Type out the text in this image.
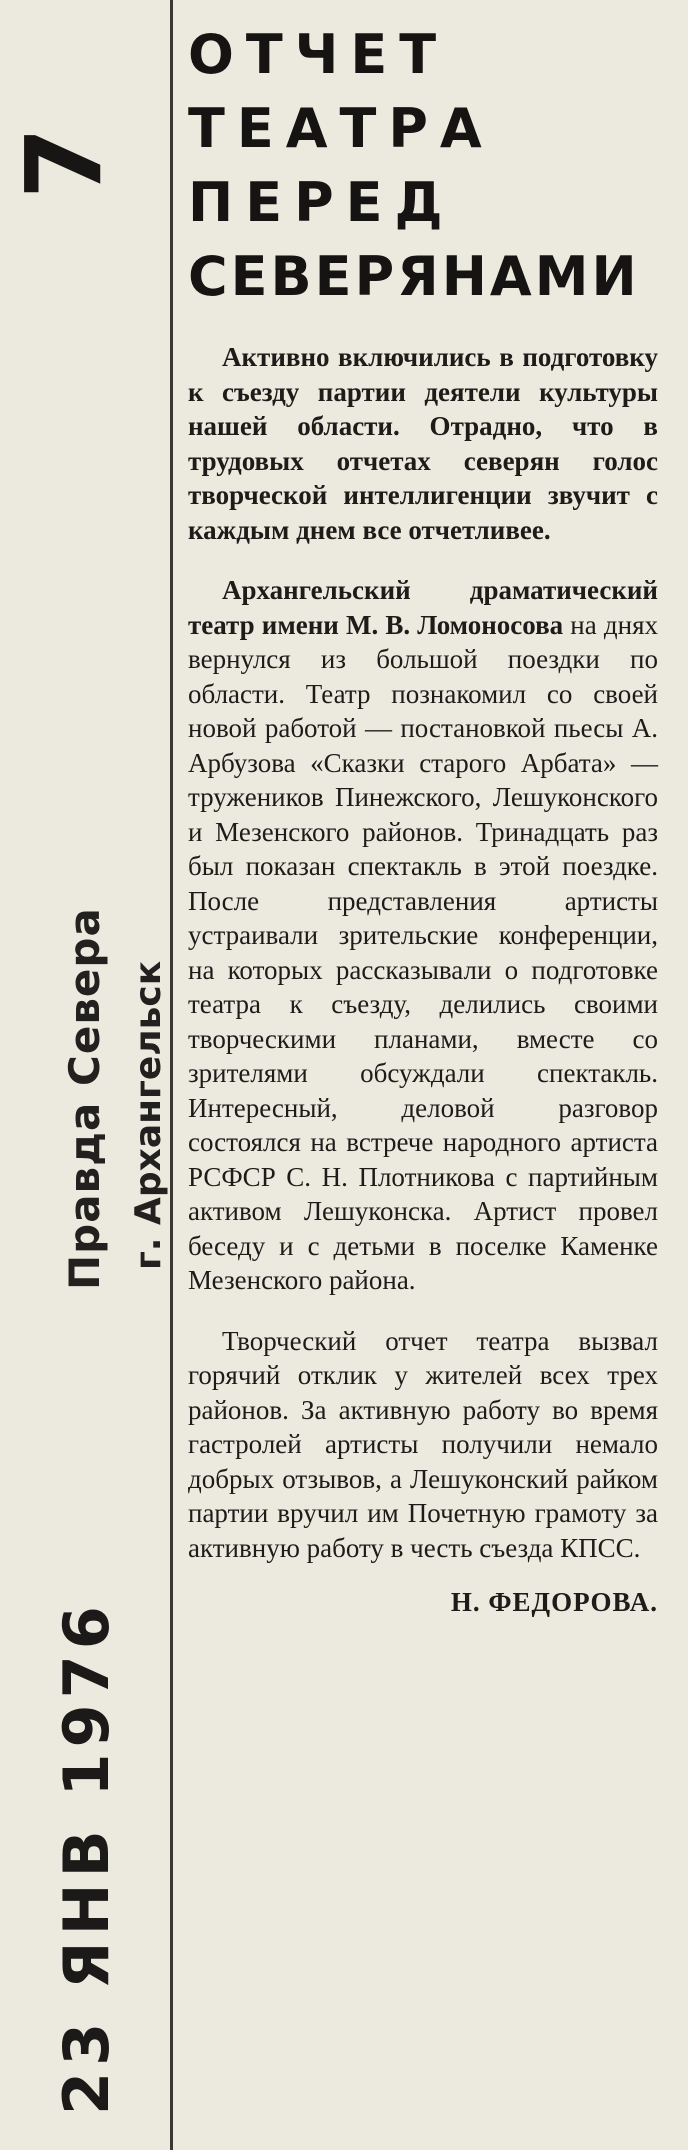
7
Правда Севера г. Архангельск
23 ЯНВ 1976
ОТЧЕТ
ТЕАТРА
ПЕРЕД
СЕВЕРЯНАМИ

Активно включились в подготовку к съезду партии деятели культуры нашей области. Отрадно, что в трудовых отчетах северян голос творческой интеллигенции звучит с каждым днем все отчетливее.

Архангельский драматический театр имени М. В. Ломоносова на днях вернулся из большой поездки по области. Театр познакомил со своей новой работой — постановкой пьесы А. Арбузова «Сказки старого Арбата» — тружеников Пинежского, Лешуконского и Мезенского районов. Тринадцать раз был показан спектакль в этой поездке. После представления артисты устраивали зрительские конференции, на которых рассказывали о подготовке театра к съезду, делились своими творческими планами, вместе со зрителями обсуждали спектакль. Интересный, деловой разговор состоялся на встрече народного артиста РСФСР С. Н. Плотникова с партийным активом Лешуконска. Артист провел беседу и с детьми в поселке Каменке Мезенского района.

Творческий отчет театра вызвал горячий отклик у жителей всех трех районов. За активную работу во время гастролей артисты получили немало добрых отзывов, а Лешуконский райком партии вручил им Почетную грамоту за активную работу в честь съезда КПСС.

Н. ФЕДОРОВА.
